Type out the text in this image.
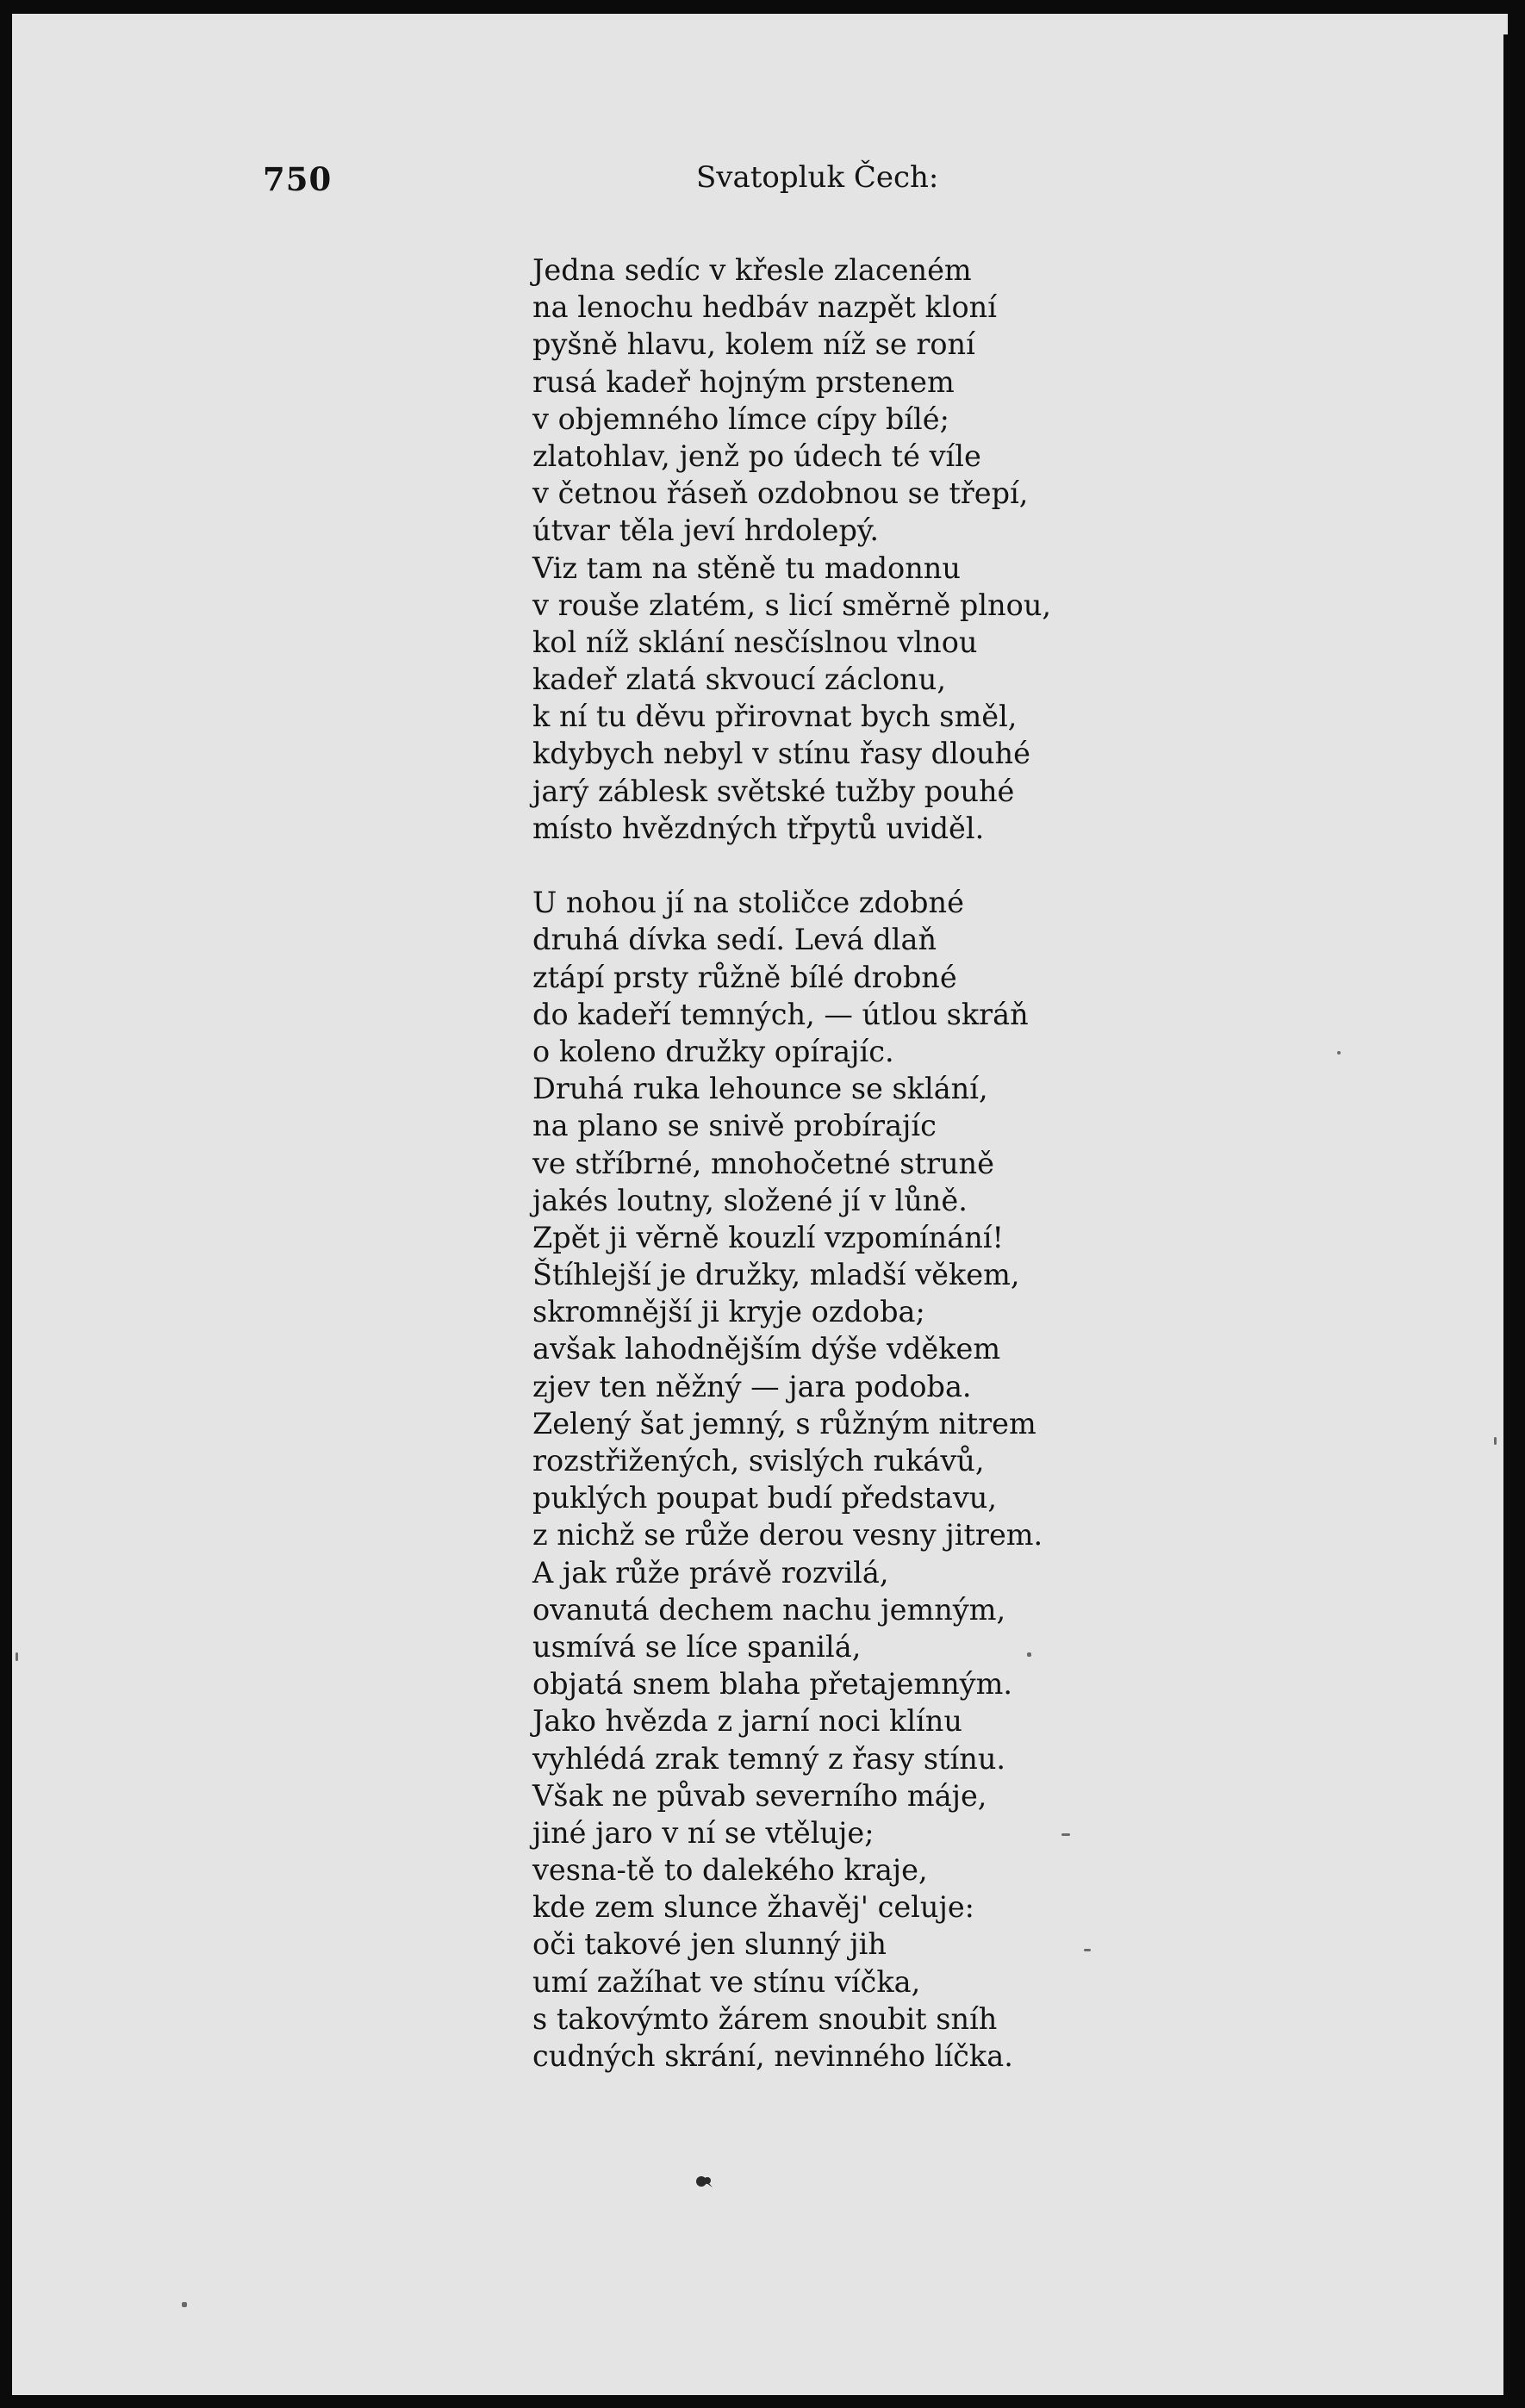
750	Svatopluk Čech:
Jedna sedíc v křesle zlaceném
na lenochu hedbáv nazpět kloní
pyšně hlavu, kolem níž se roní
rusá kadeř hojným prstenem
v objemného límce cípy bílé;
zlatohlav, jenž po údech té víle
v četnou řáseň ozdobnou se třepí,
útvar těla jeví hrdolepý.
Viz tam na stěně tu madonnu
v rouše zlatém, s licí směrně plnou,
kol níž sklání nesčíslnou vlnou
kadeř zlatá skvoucí záclonu,
k ní tu děvu přirovnat bych směl,
kdybych nebyl v stínu řasy dlouhé
jarý záblesk světské tužby pouhé
místo hvězdných třpytů uviděl.
U nohou jí na stoličce zdobné
druhá dívka sedí. Levá dlaň
ztápí prsty růžně bílé drobné
do kadeří temných, — útlou skráň
o koleno družky opírajíc.
Druhá ruka lehounce se sklání,
na plano se snivě probírajíc
ve stříbrné, mnohočetné struně
jakés loutny, složené jí v lůně.
Zpět ji věrně kouzlí vzpomínání!
Štíhlejší je družky, mladší věkem,
skromnější ji kryje ozdoba;
avšak lahodnějším dýše vděkem
zjev ten něžný — jara podoba.
Zelený šat jemný, s růžným nitrem
rozstřižených, svislých rukávů,
puklých poupat budí představu,
z nichž se růže derou vesny jitrem.
A jak růže právě rozvilá,
ovanutá dechem nachu jemným,
usmívá se líce spanilá,
objatá snem blaha přetajemným.
Jako hvězda z jarní noci klínu
vyhlédá zrak temný z řasy stínu.
Však ne půvab severního máje,
jiné jaro v ní se vtěluje;
vesna-tě to dalekého kraje,
kde zem slunce žhavěj' celuje:
oči takové jen slunný jih
umí zažíhat ve stínu víčka,
s takovýmto žárem snoubit sníh
cudných skrání, nevinného líčka.
